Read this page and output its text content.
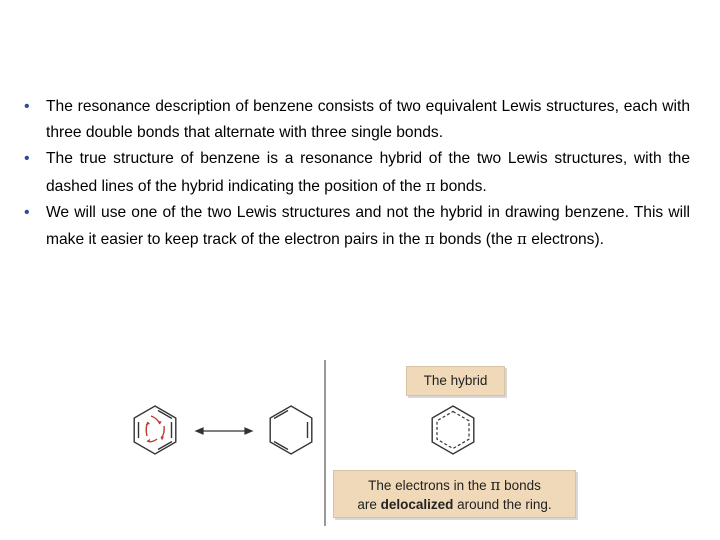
•	The resonance description of benzene consists of two equivalent Lewis structures, each with three double bonds that alternate with three single bonds.
•	The true structure of benzene is a resonance hybrid of the two Lewis structures, with the dashed lines of the hybrid indicating the position of the π bonds.
•	We will use one of the two Lewis structures and not the hybrid in drawing benzene. This will make it easier to keep track of the electron pairs in the π bonds (the π electrons).
The hybrid
The electrons in the π bonds
are delocalized around the ring.
